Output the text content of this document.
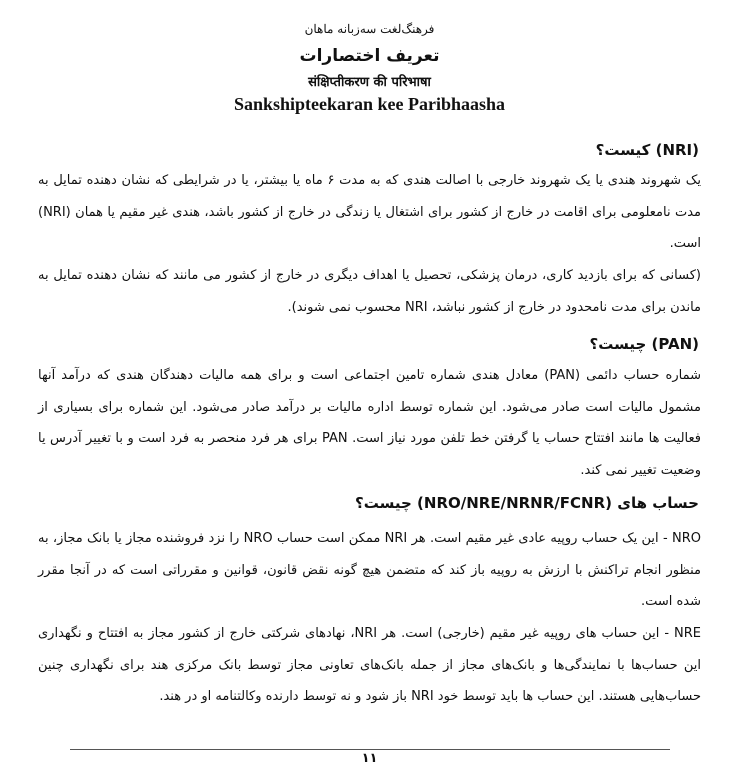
فرهنگ‌لغت سه‌زبانه ماهان
تعریف اختصارات
संक्षिप्तीकरण की परिभाषा
Sankshipteekaran kee Paribhaasha
(NRI) کیست؟
یک شهروند هندی یا یک شهروند خارجی با اصالت هندی که به مدت ۶ ماه یا بیشتر، یا در شرایطی که نشان دهنده تمایل به مدت نامعلومی برای اقامت در خارج از کشور برای اشتغال یا زندگی در خارج از کشور باشد، هندی غیر مقیم یا همان (NRI) است.
(کسانی که برای بازدید کاری، درمان پزشکی، تحصیل یا اهداف دیگری در خارج از کشور می مانند که نشان دهنده تمایل به ماندن برای مدت نامحدود در خارج از کشور نباشد، NRI محسوب نمی شوند).
(PAN) چیست؟
شماره حساب دائمی (PAN) معادل هندی شماره تامین اجتماعی است و برای همه مالیات دهندگان هندی که درآمد آنها مشمول مالیات است صادر می‌شود. این شماره توسط اداره مالیات بر درآمد صادر می‌شود. این شماره برای بسیاری از فعالیت ها مانند افتتاح حساب یا گرفتن خط تلفن مورد نیاز است. PAN برای هر فرد منحصر به فرد است و با تغییر آدرس یا وضعیت تغییر نمی کند.
حساب های (NRO/NRE/NRNR/FCNR) چیست؟
NRO - این یک حساب روپیه عادی غیر مقیم است. هر NRI ممکن است حساب NRO را نزد فروشنده مجاز یا بانک مجاز، به منظور انجام تراکنش با ارزش به روپیه باز کند که متضمن هیچ گونه نقض قانون، قوانین و مقرراتی است که در آنجا مقرر شده است.
NRE - این حساب های روپیه غیر مقیم (خارجی) است. هر NRI، نهادهای شرکتی خارج از کشور مجاز به افتتاح و نگهداری این حساب‌ها با نمایندگی‌ها و بانک‌های مجاز از جمله بانک‌های تعاونی مجاز توسط بانک مرکزی هند برای نگهداری چنین حساب‌هایی هستند. این حساب ها باید توسط خود NRI باز شود و نه توسط دارنده وکالتنامه او در هند.
۱۱
